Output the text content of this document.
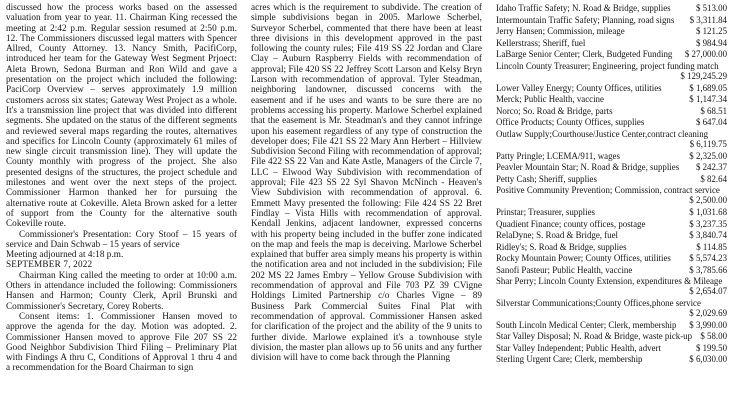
discussed how the process works based on the assessed valuation from year to year. 11. Chairman King recessed the meeting at 2:42 p.m. Regular session resumed at 2:50 p.m. 12. The Commissioners discussed legal matters with Spencer Allred, County Attorney. 13. Nancy Smith, PacifiCorp, introduced her team for the Gateway West Segment Prjoect: Aleta Brown, Sedona Burman and Ron Wild and gave a presentation on the project which included the following: PaciCorp Overview – serves approximately 1.9 million customers across six states; Gateway West Project as a whole. It's a transmission line project that was divided into different segments. She updated on the status of the different segments and reviewed several maps regarding the routes, alternatives and specifics for Lincoln County (approximately 61 miles of new single circuit transmission line). They will update the County monthly with progress of the project. She also presented designs of the structures, the project schedule and milestones and went over the next steps of the project. Commissioner Harmon thanked her for pursuing the alternative route at Cokeville. Aleta Brown asked for a letter of support from the County for the alternative south Cokeville route.
Commissioner's Presentation: Cory Stoof – 15 years of service and Dain Schwab – 15 years of service
Meeting adjourned at 4:18 p.m.
SEPTEMBER 7, 2022
Chairman King called the meeting to order at 10:00 a.m. Others in attendance included the following: Commissioners Hansen and Harmon; County Clerk, April Brunski and Commissioner's Secretary, Corey Roberts.
Consent items: 1. Commissioner Hansen moved to approve the agenda for the day. Motion was adopted. 2. Commissioner Hansen moved to approve File 207 SS 22 Good Neighbor Subdivision Third Filing – Preliminary Plat with Findings A thru C, Conditions of Approval 1 thru 4 and a recommendation for the Board Chairman to sign
acres which is the requirement to subdivide. The creation of simple subdivisions began in 2005. Marlowe Scherbel, Surveyor Scherbel, commented that there have been at least three divisions in this development approved in the past following the county rules; File 419 SS 22 Jordan and Clare Clay – Auburn Raspberry Fields with recommendation of approval; File 420 SS 22 Jeffrey Scott Larson and Kelsy Bryn Larson with recommendation of approval. Tyler Steadman, neighboring landowner, discussed concerns with the easement and if he uses and wants to be sure there are no problems accessing his property. Marlowe Scherbel explained that the easement is Mr. Steadman's and they cannot infringe upon his easement regardless of any type of construction the developer does; File 421 SS 22 Mary Ann Herbert – Hillview Subdivision Second Filing with recommendation of approval; File 422 SS 22 Van and Kate Astle, Managers of the Circle 7, LLC – Elwood Way Subdivision with recommendation of approval; File 423 SS 22 Syl Shavon McNinch - Heaven's View Subdivision with recommendation of approval. 6. Emmett Mavy presented the following: File 424 SS 22 Bret Findlay – Vista Hills with recommendation of approval. Kendall Jenkins, adjacent landowner, expressed concerns with his property being included in the buffer zone indicated on the map and feels the map is deceiving. Marlowe Scherbel explained that buffer area simply means his property is within the notification area and not included in the subdivision; File 202 MS 22 James Embry – Yellow Grouse Subdivision with recommendation of approval and File 703 PZ 39 CVigne Holdings Limited Partnership c/o Charles Vigne – 89 Business Park Commercial Suites Final Plat with recommendation of approval. Commissioner Hansen asked for clarification of the project and the ability of the 9 units to further divide. Marlowe explained it's a townhouse style division, the master plan allows up to 56 units and any further division will have to come back through the Planning
Idaho Traffic Safety; N. Road & Bridge, supplies	$ 513.00
Intermountain Traffic Safety; Planning, road signs $ 3,311.84
Jerry Hansen; Commission, mileage	$ 121.25
Kellerstrass; Sheriff, fuel	$ 984.94
LaBarge Senior Center; Clerk, Budgeted Funding $ 27,000.00
Lincoln County Treasurer; Engineering, project funding match
$ 129,245.29
Lower Valley Energy; County Offices, utilities	$ 1,689.05
Merck; Public Health, vaccine	$ 1,147.34
Norco; So. Road & Bridge, parts	$ 68.51
Office Products; County Offices, supplies	$ 647.04
Outlaw Supply;Courthouse/Justice Center,contract cleaning
$ 6,119.75
Patty Pringle; LCEMA/911, wages	$ 2,325.00
Peavler Mountain Star; N. Road & Bridge, supplies $ 242.37
Petty Cash; Sheriff, supplies	$ 82.64
Positive Community Prevention; Commission, contract service
$ 2,500.00
Prinstar; Treasurer, supplies	$ 1,031.68
Quadient Finance; county offices, postage	$ 3,237.35
RelaDyne; S. Road & Bridge, fuel	$ 3,840.74
Ridley's; S. Road & Bridge, supplies	$ 114.85
Rocky Mountain Power; County Offices, utilities $ 5,574.23
Sanofi Pasteur; Public Health, vaccine	$ 3,785.66
Shar Perry; Lincoln County Extension, expenditures & Mileage
$ 2,654.07
Silverstar Communications;County Offices,phone service
$ 2,029.69
South Lincoln Medical Center; Clerk, membership $ 3,990.00
Star Valley Disposal; N. Road & Bridge, waste pick-up $ 58.00
Star Valley Independent; Public Health, advert	$ 199.50
Sterling Urgent Care; Clerk, membership	$ 6,030.00
